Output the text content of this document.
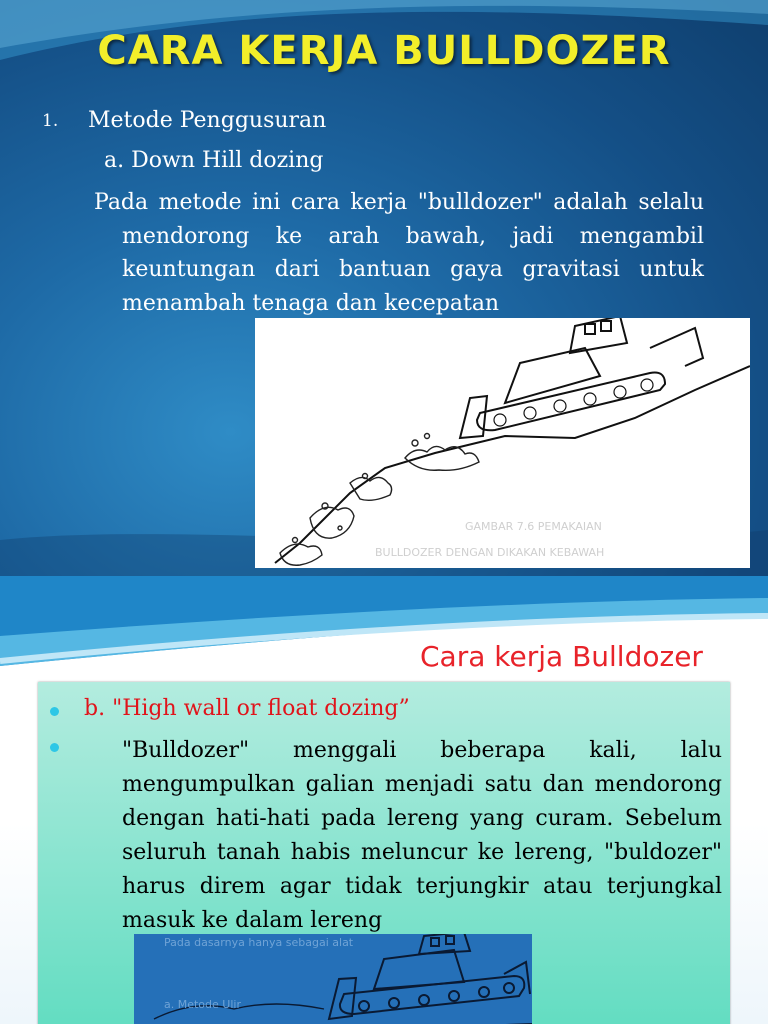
CARA KERJA BULLDOZER
1. Metode Penggusuran
a. Down Hill dozing

Pada metode ini cara kerja "bulldozer" adalah selalu mendorong ke arah bawah, jadi mengambil keuntungan dari bantuan gaya gravitasi untuk menambah tenaga dan kecepatan

GAMBAR 7.6 PEMAKAIAN
BULLDOZER DENGAN DIKAKAN KEBAWAH
Cara kerja Bulldozer
b. "High wall or float dozing”

"Bulldozer" menggali beberapa kali, lalu mengumpulkan galian menjadi satu dan mendorong dengan hati-hati pada lereng yang curam. Sebelum seluruh tanah habis meluncur ke lereng, "buldozer" harus direm agar tidak terjungkir atau terjungkal masuk ke dalam lereng

Pada dasarnya hanya sebagai alat
a. Metode Ulir
